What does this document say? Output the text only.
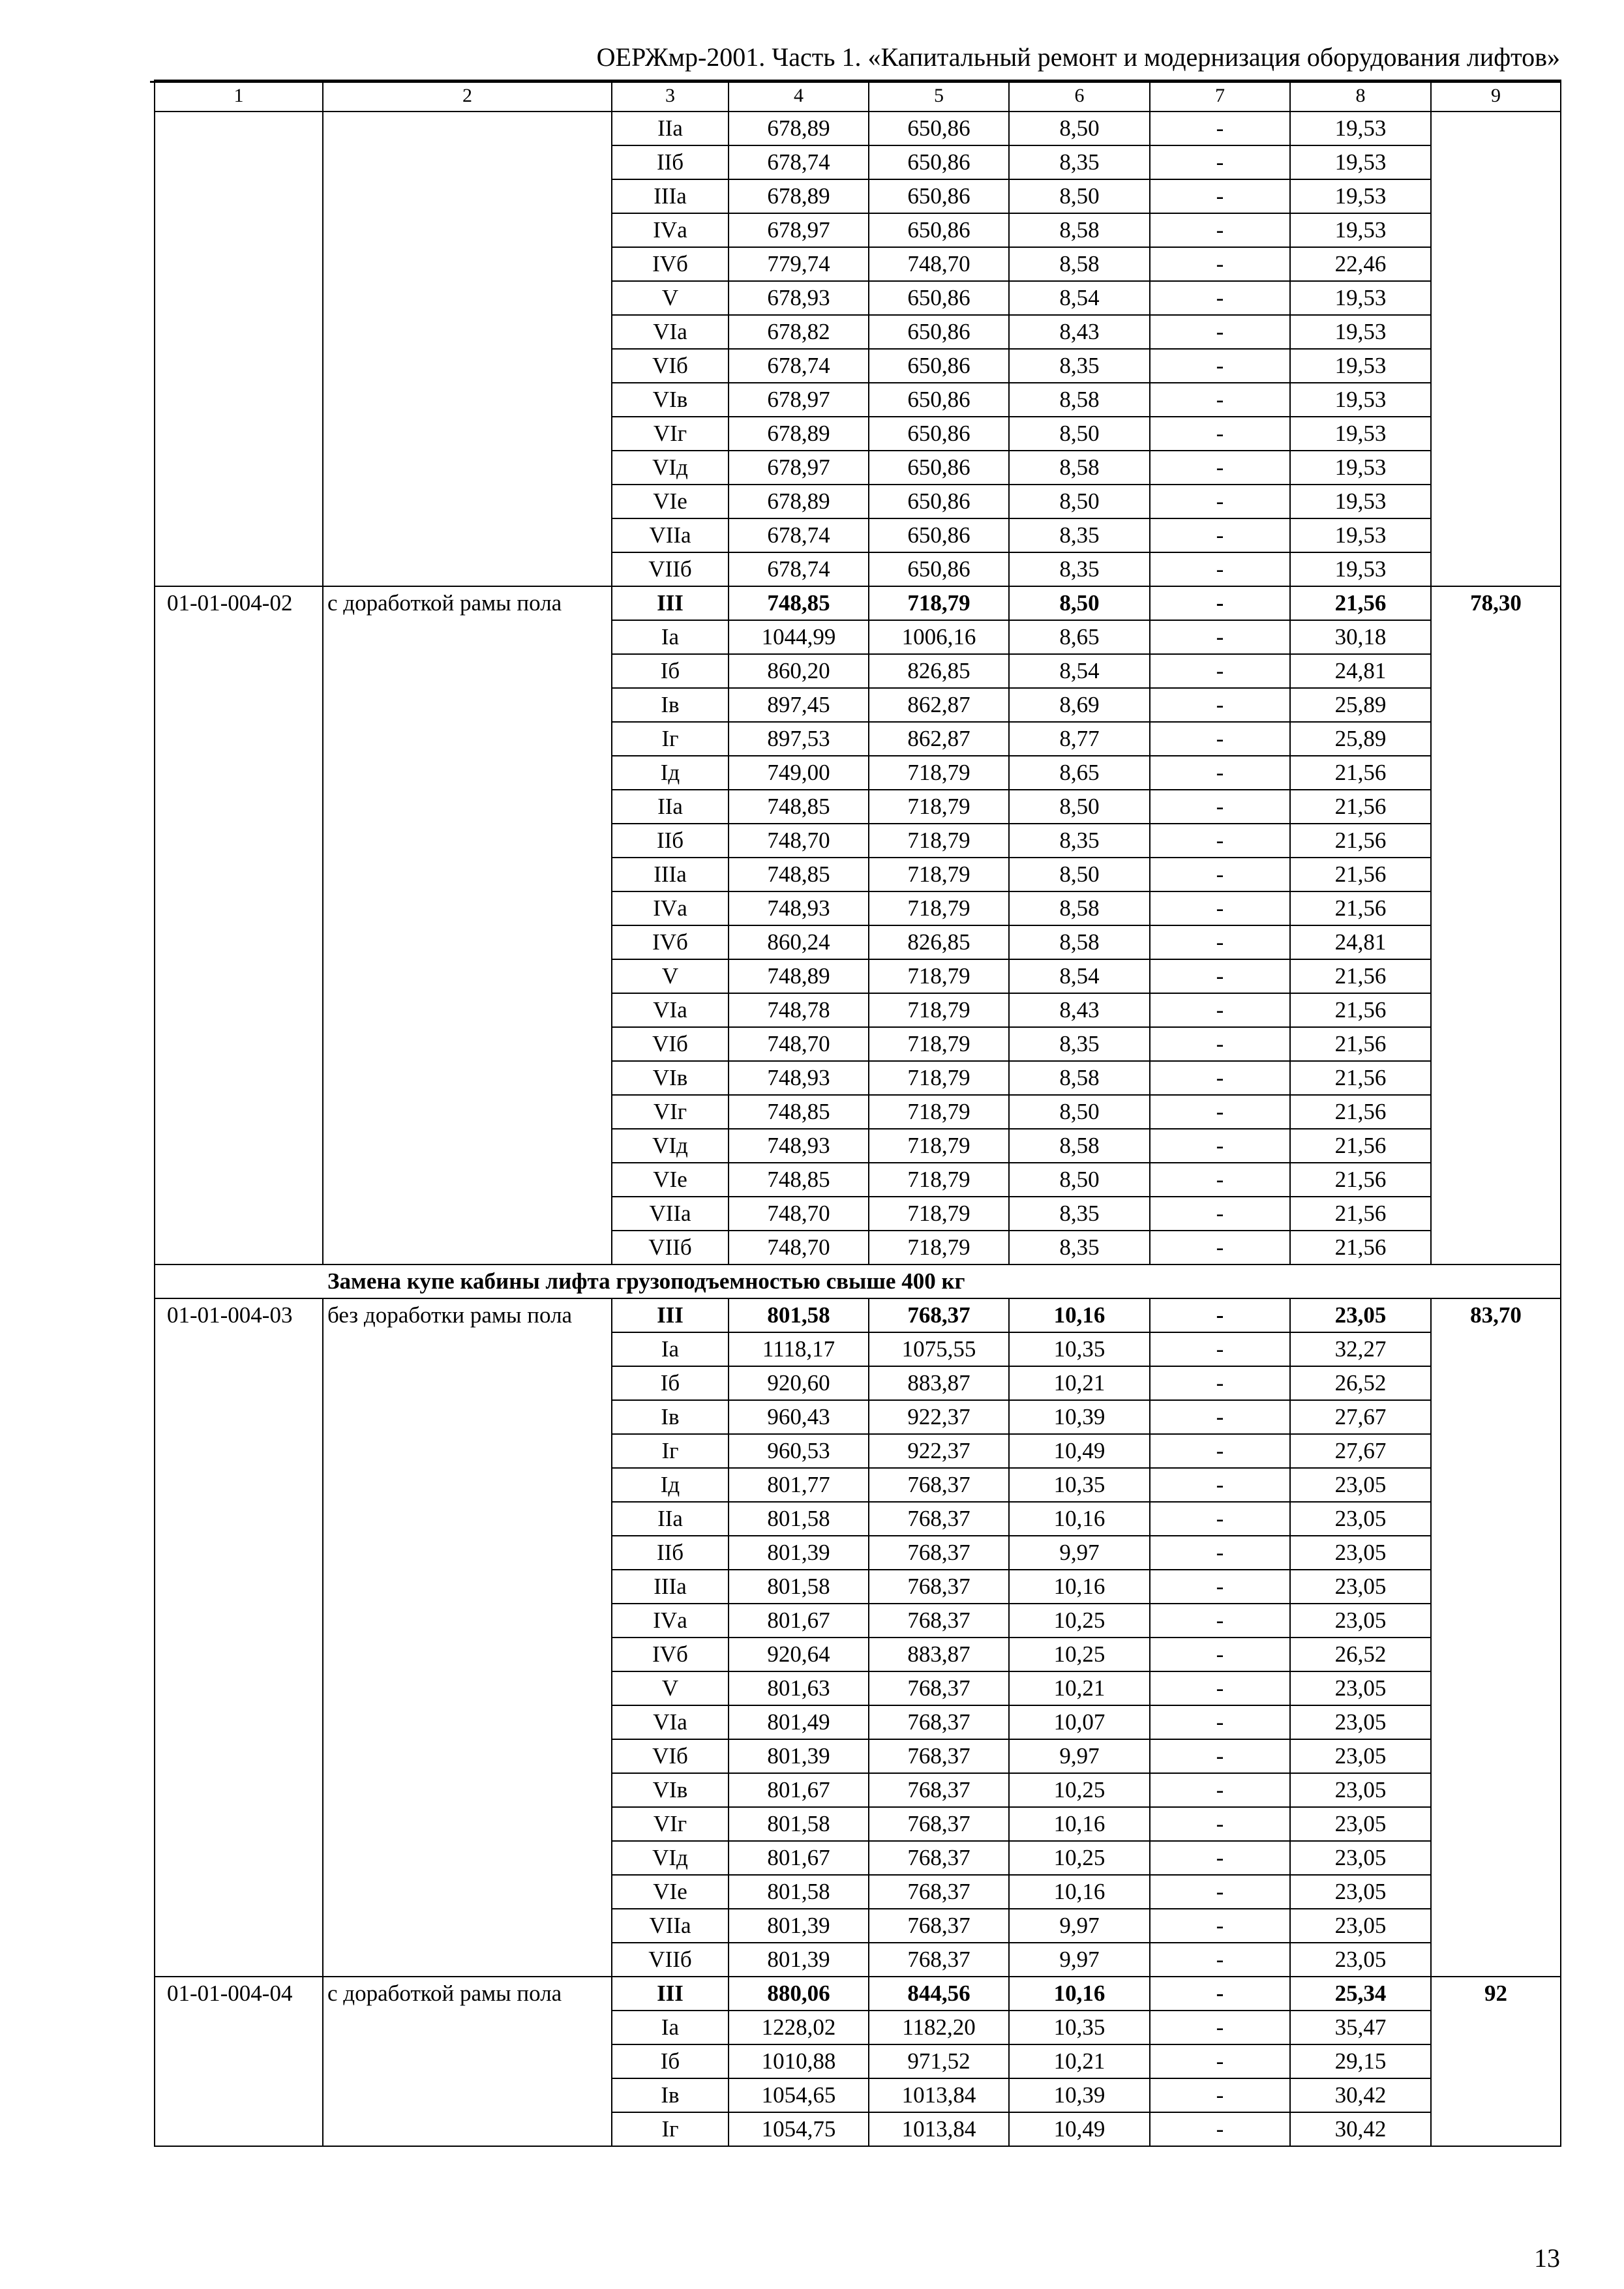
ОЕРЖмр-2001. Часть 1. «Капитальный ремонт и модернизация оборудования лифтов»
1	2	3	4	5	6	7	8	9
		IIа	678,89	650,86	8,50	-	19,53	
		IIб	678,74	650,86	8,35	-	19,53	
		IIIа	678,89	650,86	8,50	-	19,53	
		IVа	678,97	650,86	8,58	-	19,53	
		IVб	779,74	748,70	8,58	-	22,46	
		V	678,93	650,86	8,54	-	19,53	
		VIа	678,82	650,86	8,43	-	19,53	
		VIб	678,74	650,86	8,35	-	19,53	
		VIв	678,97	650,86	8,58	-	19,53	
		VIг	678,89	650,86	8,50	-	19,53	
		VIд	678,97	650,86	8,58	-	19,53	
		VIе	678,89	650,86	8,50	-	19,53	
		VIIа	678,74	650,86	8,35	-	19,53	
		VIIб	678,74	650,86	8,35	-	19,53	
01-01-004-02	с доработкой рамы пола	III	748,85	718,79	8,50	-	21,56	78,30
		Iа	1044,99	1006,16	8,65	-	30,18	
		Iб	860,20	826,85	8,54	-	24,81	
		Iв	897,45	862,87	8,69	-	25,89	
		Iг	897,53	862,87	8,77	-	25,89	
		Iд	749,00	718,79	8,65	-	21,56	
		IIа	748,85	718,79	8,50	-	21,56	
		IIб	748,70	718,79	8,35	-	21,56	
		IIIа	748,85	718,79	8,50	-	21,56	
		IVа	748,93	718,79	8,58	-	21,56	
		IVб	860,24	826,85	8,58	-	24,81	
		V	748,89	718,79	8,54	-	21,56	
		VIа	748,78	718,79	8,43	-	21,56	
		VIб	748,70	718,79	8,35	-	21,56	
		VIв	748,93	718,79	8,58	-	21,56	
		VIг	748,85	718,79	8,50	-	21,56	
		VIд	748,93	718,79	8,58	-	21,56	
		VIе	748,85	718,79	8,50	-	21,56	
		VIIа	748,70	718,79	8,35	-	21,56	
		VIIб	748,70	718,79	8,35	-	21,56	
Замена купе кабины лифта грузоподъемностью свыше 400 кг								
01-01-004-03	без доработки рамы пола	III	801,58	768,37	10,16	-	23,05	83,70
		Iа	1118,17	1075,55	10,35	-	32,27	
		Iб	920,60	883,87	10,21	-	26,52	
		Iв	960,43	922,37	10,39	-	27,67	
		Iг	960,53	922,37	10,49	-	27,67	
		Iд	801,77	768,37	10,35	-	23,05	
		IIа	801,58	768,37	10,16	-	23,05	
		IIб	801,39	768,37	9,97	-	23,05	
		IIIа	801,58	768,37	10,16	-	23,05	
		IVа	801,67	768,37	10,25	-	23,05	
		IVб	920,64	883,87	10,25	-	26,52	
		V	801,63	768,37	10,21	-	23,05	
		VIа	801,49	768,37	10,07	-	23,05	
		VIб	801,39	768,37	9,97	-	23,05	
		VIв	801,67	768,37	10,25	-	23,05	
		VIг	801,58	768,37	10,16	-	23,05	
		VIд	801,67	768,37	10,25	-	23,05	
		VIе	801,58	768,37	10,16	-	23,05	
		VIIа	801,39	768,37	9,97	-	23,05	
		VIIб	801,39	768,37	9,97	-	23,05	
01-01-004-04	с доработкой рамы пола	III	880,06	844,56	10,16	-	25,34	92
		Iа	1228,02	1182,20	10,35	-	35,47	
		Iб	1010,88	971,52	10,21	-	29,15	
		Iв	1054,65	1013,84	10,39	-	30,42	
		Iг	1054,75	1013,84	10,49	-	30,42	
13
